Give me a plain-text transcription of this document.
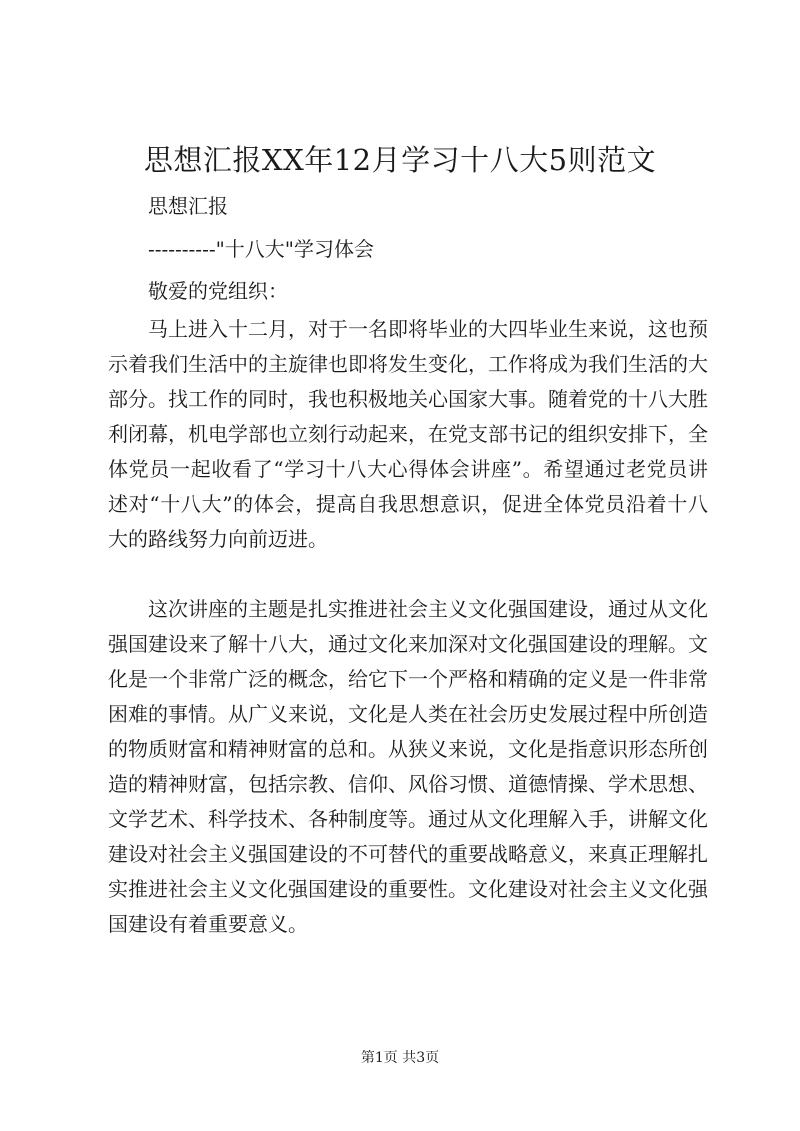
思想汇报XX年12月学习十八大5则范文
思想汇报
----------"十八大"学习体会
敬爱的党组织：

马上进入十二月，对于一名即将毕业的大四毕业生来说，这也预示着我们生活中的主旋律也即将发生变化，工作将成为我们生活的大部分。找工作的同时，我也积极地关心国家大事。随着党的十八大胜利闭幕，机电学部也立刻行动起来，在党支部书记的组织安排下，全体党员一起收看了“学习十八大心得体会讲座”。希望通过老党员讲述对“十八大”的体会，提高自我思想意识，促进全体党员沿着十八大的路线努力向前迈进。

这次讲座的主题是扎实推进社会主义文化强国建设，通过从文化强国建设来了解十八大，通过文化来加深对文化强国建设的理解。文化是一个非常广泛的概念，给它下一个严格和精确的定义是一件非常困难的事情。从广义来说，文化是人类在社会历史发展过程中所创造的物质财富和精神财富的总和。从狭义来说，文化是指意识形态所创造的精神财富，包括宗教、信仰、风俗习惯、道德情操、学术思想、文学艺术、科学技术、各种制度等。通过从文化理解入手，讲解文化建设对社会主义强国建设的不可替代的重要战略意义，来真正理解扎实推进社会主义文化强国建设的重要性。文化建设对社会主义文化强国建设有着重要意义。

第1页 共3页
